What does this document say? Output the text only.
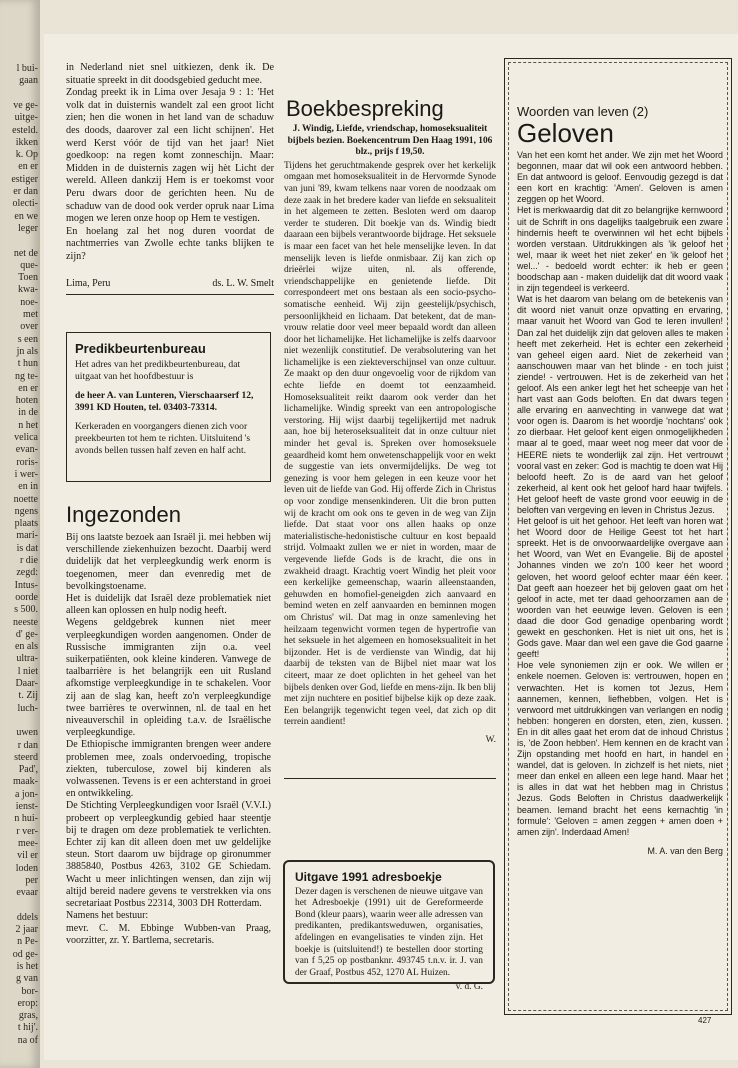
l bui-
gaan
ve ge-
uitge-
esteld.
ikken
k. Op
en er
estiger
er dan
olecti-
en we
leger
net de
que-
Toen
kwa-
noe-
met
over
s een
jn als
t hun
ng te-
en er
hoten
in de
n het
velica
evan-
roris-
i wer-
en in
noette
ngens
plaats
mari-
is dat
r die
zegd:
Intus-
oorde
s 500.
neeste
d' ge-
en als
ultra-
l niet
Daar-
t. Zij
luch-
uwen
r dan
steerd
Pad',
maak-
a jon-
ienst-
n hui-
r ver-
mee-
vil er
loden
per
evaar
ddels
2 jaar
n Pe-
od ge-
is het
g van
bor-
erop:
gras,
t hij'.
na of

in Nederland niet snel uitkiezen, denk ik. De situatie spreekt in dit doodsgebied geducht mee.

Zondag preekt ik in Lima over Jesaja 9 : 1: 'Het volk dat in duisternis wandelt zal een groot licht zien; hen die wonen in het land van de schaduw des doods, daarover zal een licht schijnen'. Het werd Kerst vóór de tijd van het jaar! Niet goedkoop: na regen komt zonneschijn. Maar: Midden in de duisternis zagen wij hèt Licht der wereld. Alleen dankzij Hem is er toekomst voor Peru dwars door de gerichten heen. Nu de schaduw van de dood ook verder opruk naar Lima mogen we leren onze hoop op Hem te vestigen.

En hoelang zal het nog duren voordat de nachtmerries van Zwolle echte tanks blijken te zijn?

Lima, Peru	ds. L. W. Smelt
Predikbeurtenbureau

Het adres van het predikbeurtenbureau, dat uitgaat van het hoofdbestuur is

de heer A. van Lunteren, Vierschaarserf 12, 3991 KD Houten, tel. 03403-73314.

Kerkeraden en voorgangers dienen zich voor preekbeurten tot hem te richten. Uitsluitend 's avonds bellen tussen half zeven en half acht.

Ingezonden

Bij ons laatste bezoek aan Israël ji. mei hebben wij verschillende ziekenhuizen bezocht. Daarbij werd duidelijk dat het verpleegkundig werk enorm is toegenomen, meer dan evenredig met de bevolkingstoename.

Het is duidelijk dat Israël deze problematiek niet alleen kan oplossen en hulp nodig heeft.

Wegens geldgebrek kunnen niet meer verpleegkundigen worden aangenomen. Onder de Russische immigranten zijn o.a. veel suikerpatiënten, ook kleine kinderen. Vanwege de taalbarrière is het belangrijk een uit Rusland afkomstige verpleegkundige in te schakelen. Voor zij aan de slag kan, heeft zo'n verpleegkundige twee barrières te overwinnen, nl. de taal en het niveauverschil in opleiding t.a.v. de Israëlische verpleegkundige.

De Ethiopische immigranten brengen weer andere problemen mee, zoals ondervoeding, tropische ziekten, tuberculose, zowel bij kinderen als volwassenen. Tevens is er een achterstand in groei en ontwikkeling.

De Stichting Verpleegkundigen voor Israël (V.V.I.) probeert op verpleegkundig gebied haar steentje bij te dragen om deze problematiek te verlichten. Echter zij kan dit alleen doen met uw geldelijke steun. Stort daarom uw bijdrage op gironummer 3885840, Postbus 4263, 3102 GE Schiedam. Wacht u meer inlichtingen wensen, dan zijn wij altijd bereid nadere gevens te verstrekken via ons secretariaat Postbus 22314, 3003 DH Rotterdam.

Namens het bestuur:

mevr. C. M. Ebbinge Wubben-van Praag, voorzitter, zr. Y. Bartlema, secretaris.

Boekbespreking

J. Windig, Liefde, vriendschap, homoseksualiteit bijbels bezien. Boekencentrum Den Haag 1991, 106 blz., prijs f 19,50.

Tijdens het geruchtmakende gesprek over het kerkelijk omgaan met homoseksualiteit in de Hervormde Synode van juni '89, kwam telkens naar voren de noodzaak om deze zaak in het bredere kader van liefde en seksualiteit in het algemeen te zetten. Besloten werd om daarop verder te studeren. Dit boekje van ds. Windig biedt daaraan een bijbels verantwoorde bijdrage. Het seksuele is maar een facet van het hele menselijke leven. In dat menselijk leven is liefde onmisbaar. Zij kan zich op drieërlei wijze uiten, nl. als offerende, vriendschappelijke en genietende liefde. Dit correspondeert met ons bestaan als een socio-psycho-somatische eenheid. Wij zijn geestelijk/psychisch, persoonlijkheid en lichaam. Dat betekent, dat de man-vrouw relatie door veel meer bepaald wordt dan alleen door het lichamelijke. Het lichamelijke is zelfs daarvoor niet wezenlijk constitutief. De verabsolutering van het lichamelijke is een ziekteverschijnsel van onze cultuur. Ze maakt op den duur ongevoelig voor de rijkdom van echte liefde en doemt tot eenzaamheid. Homoseksualiteit reikt daarom ook verder dan het lichamelijke. Windig spreekt van een antropologische verstoring. Hij wijst daarbij tegelijkertijd met nadruk aan, hoe bij heteroseksualiteit dat in onze cultuur niet minder het geval is. Spreken over homoseksuele geaardheid komt hem onwetenschappelijk voor en wekt de suggestie van iets onvermijdelijks. De weg tot genezing is voor hem gelegen in een keuze voor het leven uit de liefde van God. Hij offerde Zich in Christus op voor zondige mensenkinderen. Uit die bron putten wij de kracht om ook ons te geven in de weg van Zijn liefde. Dat staat voor ons allen haaks op onze materialistische-hedonistische cultuur en kost bepaald strijd. Volmaakt zullen we er niet in worden, maar de vergevende liefde Gods is de kracht, die ons in zwakheid draagt. Krachtig voert Windig het pleit voor een kerkelijke gemeenschap, waarin alleenstaanden, gehuwden en homofiel-geneigden zich aanvaard en bemind weten en zelf aanvaarden en beminnen mogen om Christus' wil. Dat mag in onze samenleving het heilzaam tegenwicht vormen tegen de hypertrofie van het seksuele in het algemeen en homoseksualiteit in het bijzonder. Het is de verdienste van Windig, dat hij daarbij de teksten van de Bijbel niet maar wat los citeert, maar ze doet oplichten in het geheel van het bijbels denken over God, liefde en mens-zijn. Ik ben blij met zijn nuchtere en positief bijbelse kijk op deze zaak. Een belangrijk tegenwicht tegen veel, dat zich op dit terrein aandient!

W.

Uitgave 1991 adresboekje

Dezer dagen is verschenen de nieuwe uitgave van het Adresboekje (1991) uit de Gereformeerde Bond (kleur paars), waarin weer alle adressen van predikanten, predikantsweduwen, organisaties, afdelingen en evangelisaties te vinden zijn. Het boekje is (uitsluitend!) te bestellen door storting van f 5,25 op postbanknr. 493745 t.n.v. ir. J. van der Graaf, Postbus 452, 1270 AL Huizen.

v. d. G.

Woorden van leven (2)
Geloven

Van het een komt het ander. We zijn met het Woord begonnen, maar dat wil ook een antwoord hebben. En dat antwoord is geloof. Eenvoudig gezegd is dat een kort en krachtig: 'Amen'. Geloven is amen zeggen op het Woord.

Het is merkwaardig dat dit zo belangrijke kernwoord uit de Schrift in ons dagelijks taalgebruik een zware hindernis heeft te overwinnen wil het echt bijbels worden verstaan. Uitdrukkingen als 'ik geloof het wel, maar ik weet het niet zeker' en 'ik geloof het wel...' - bedoeld wordt echter: ik heb er geen boodschap aan - maken duidelijk dat dit woord vaak in zijn tegendeel is verkeerd.

Wat is het daarom van belang om de betekenis van dit woord niet vanuit onze opvatting en ervaring, maar vanuit het Woord van God te leren invullen! Dan zal het duidelijk zijn dat geloven alles te maken heeft met zekerheid. Het is echter een zekerheid van geheel eigen aard. Niet de zekerheid van aanschouwen maar van het blinde - en toch juist ziende! - vertrouwen. Het is de zekerheid van het geloof. Als een anker legt het het scheepje van het hart vast aan Gods beloften. En dat dwars tegen alle ervaring en aanvechting in vanwege dat wat voor ogen is. Daarom is het woordje 'nochtans' ook zo dierbaar. Het geloof kent eigen onmogelijkheden maar al te goed, maar weet nog meer dat voor de HEERE niets te wonderlijk zal zijn. Het vertrouwt vooral vast en zeker: God is machtig te doen wat Hij beloofd heeft. Zo is de aard van het geloof zekerheid, al kent ook het geloof hard haar twijfels. Het geloof heeft de vaste grond voor eeuwig in de beloften van vergeving en leven in Christus Jezus.

Het geloof is uit het gehoor. Het leeft van horen wat het Woord door de Heilige Geest tot het hart spreekt. Het is de onvoorwaardelijke overgave aan het Woord, van Wet en Evangelie. Bij de apostel Johannes vinden we zo'n 100 keer het woord geloven, het woord geloof echter maar één keer. Dat geeft aan hoezeer het bij geloven gaat om het geloof in acte, met ter daad gehoorzamen aan de woorden van het eeuwige leven. Geloven is een daad die door God genadige openbaring wordt gewekt en geschonken. Het is niet uit ons, het is Gods gave. Maar dan wel een gave die God gaarne geeft!

Hoe vele synoniemen zijn er ook. We willen er enkele noemen. Geloven is: vertrouwen, hopen en verwachten. Het is komen tot Jezus, Hem aannemen, kennen, liefhebben, volgen. Het is verwoord met uitdrukkingen van verlangen en nodig hebben: hongeren en dorsten, eten, zien, kussen. En in dit alles gaat het erom dat de inhoud Christus is, 'de Zoon hebben'. Hem kennen en de kracht van Zijn opstanding met hoofd en hart, in handel en wandel, dat is geloven. In zichzelf is het niets, niet meer dan enkel en alleen een lege hand. Maar het is alles in dat wat het hebben mag in Christus Jezus. Gods Beloften in Christus daadwerkelijk beamen. Iemand bracht het eens kernachtig 'in formule': 'Geloven = amen zeggen + amen doen + amen zijn'. Inderdaad Amen!

M. A. van den Berg

427
